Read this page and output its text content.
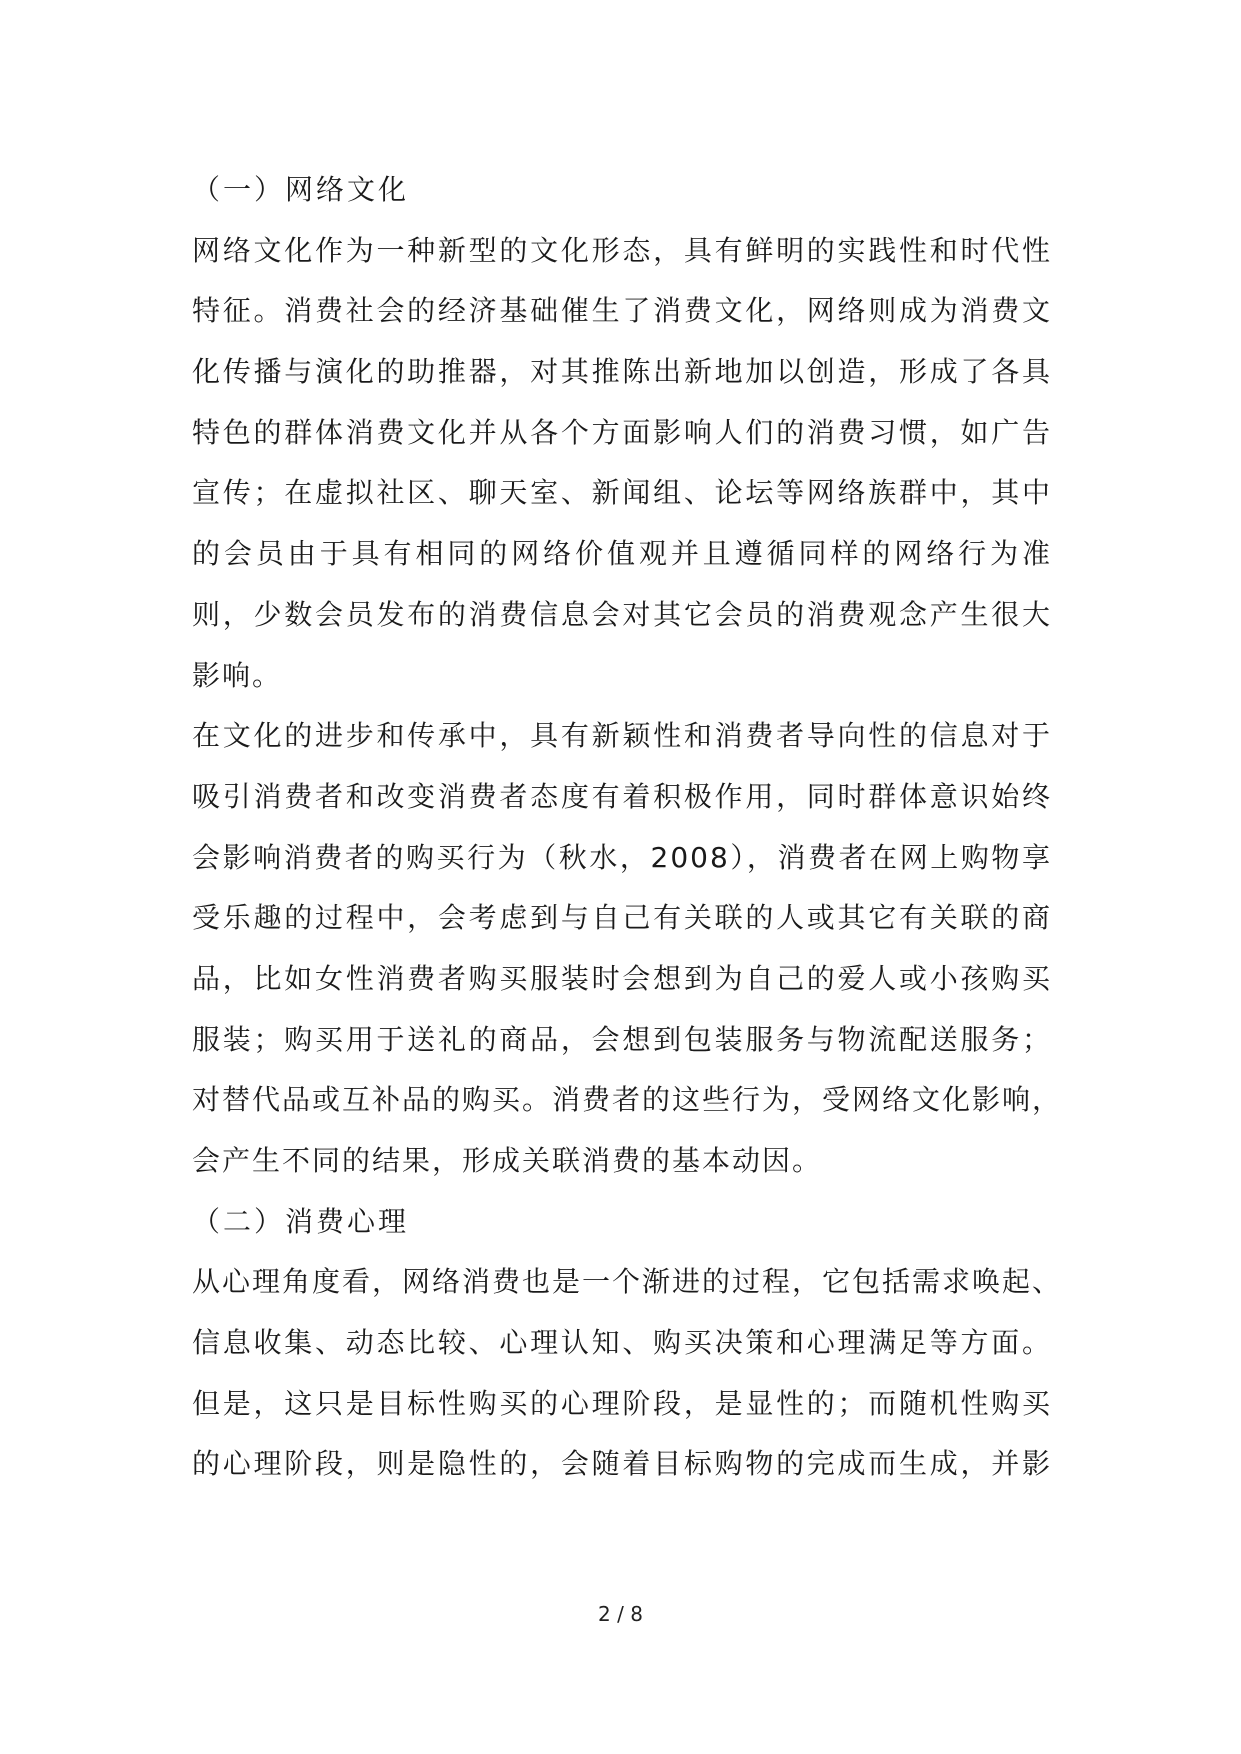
（一）网络文化
网络文化作为一种新型的文化形态，具有鲜明的实践性和时代性
特征。消费社会的经济基础催生了消费文化，网络则成为消费文
化传播与演化的助推器，对其推陈出新地加以创造，形成了各具
特色的群体消费文化并从各个方面影响人们的消费习惯，如广告
宣传；在虚拟社区、聊天室、新闻组、论坛等网络族群中，其中
的会员由于具有相同的网络价值观并且遵循同样的网络行为准
则，少数会员发布的消费信息会对其它会员的消费观念产生很大
影响。
在文化的进步和传承中，具有新颖性和消费者导向性的信息对于
吸引消费者和改变消费者态度有着积极作用，同时群体意识始终
会影响消费者的购买行为（秋水，2008），消费者在网上购物享
受乐趣的过程中，会考虑到与自己有关联的人或其它有关联的商
品，比如女性消费者购买服装时会想到为自己的爱人或小孩购买
服装；购买用于送礼的商品，会想到包装服务与物流配送服务；
对替代品或互补品的购买。消费者的这些行为，受网络文化影响，
会产生不同的结果，形成关联消费的基本动因。
（二）消费心理
从心理角度看，网络消费也是一个渐进的过程，它包括需求唤起、
信息收集、动态比较、心理认知、购买决策和心理满足等方面。
但是，这只是目标性购买的心理阶段，是显性的；而随机性购买
的心理阶段，则是隐性的，会随着目标购物的完成而生成，并影
2 / 8
